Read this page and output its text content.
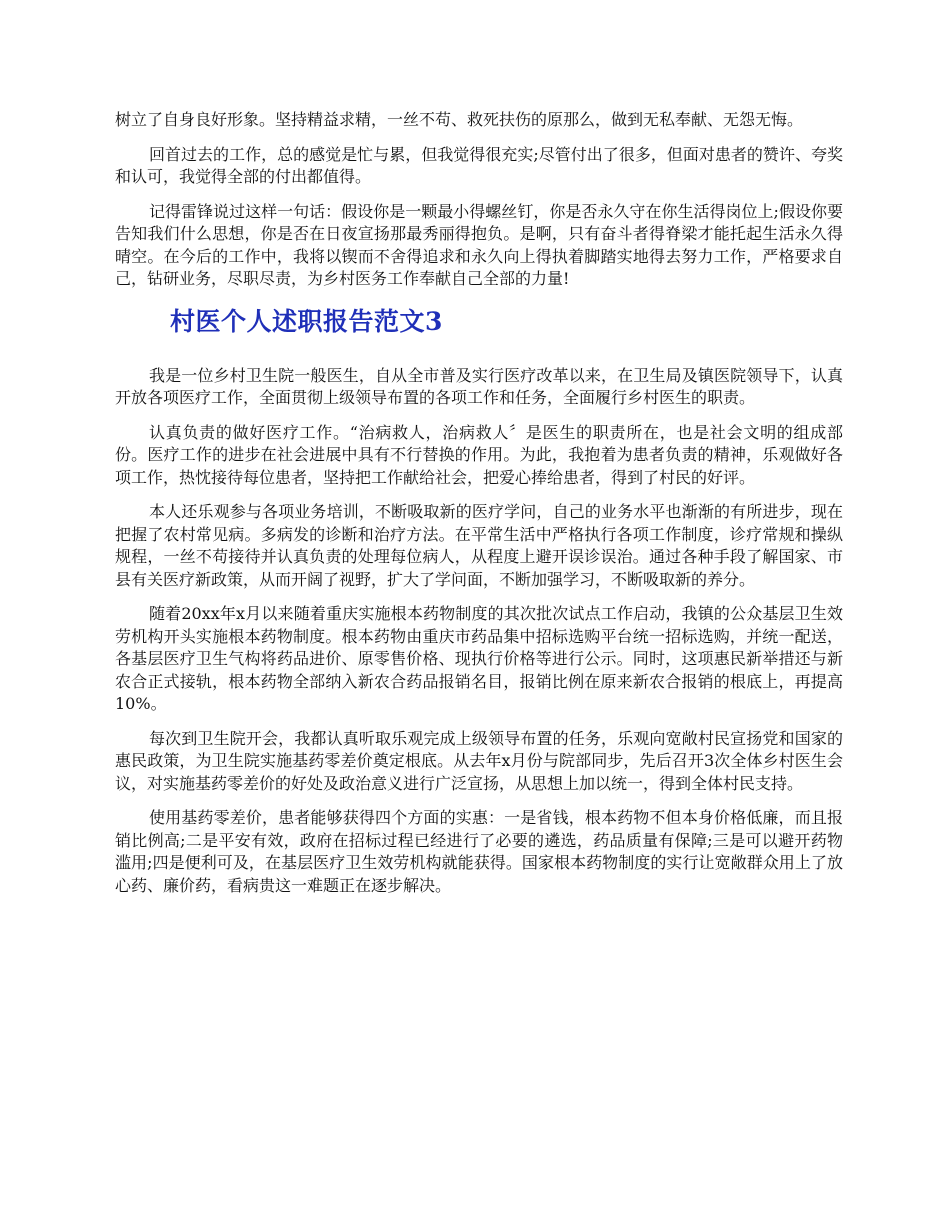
树立了自身良好形象。坚持精益求精，一丝不苟、救死扶伤的原那么，做到无私奉献、无怨无悔。

回首过去的工作，总的感觉是忙与累，但我觉得很充实;尽管付出了很多，但面对患者的赞许、夸奖和认可，我觉得全部的付出都值得。

记得雷锋说过这样一句话：假设你是一颗最小得螺丝钉，你是否永久守在你生活得岗位上;假设你要告知我们什么思想，你是否在日夜宣扬那最秀丽得抱负。是啊，只有奋斗者得脊梁才能托起生活永久得晴空。在今后的工作中，我将以锲而不舍得追求和永久向上得执着脚踏实地得去努力工作，严格要求自己，钻研业务，尽职尽责，为乡村医务工作奉献自己全部的力量!

村医个人述职报告范文3

我是一位乡村卫生院一般医生，自从全市普及实行医疗改革以来，在卫生局及镇医院领导下，认真开放各项医疗工作，全面贯彻上级领导布置的各项工作和任务，全面履行乡村医生的职责。

认真负责的做好医疗工作。“治病救人，治病救人〞是医生的职责所在，也是社会文明的组成部份。医疗工作的进步在社会进展中具有不行替换的作用。为此，我抱着为患者负责的精神，乐观做好各项工作，热忱接待每位患者，坚持把工作献给社会，把爱心捧给患者，得到了村民的好评。

本人还乐观参与各项业务培训，不断吸取新的医疗学问，自己的业务水平也渐渐的有所进步，现在把握了农村常见病。多病发的诊断和治疗方法。在平常生活中严格执行各项工作制度，诊疗常规和操纵规程，一丝不苟接待并认真负责的处理每位病人，从程度上避开误诊误治。通过各种手段了解国家、市县有关医疗新政策，从而开阔了视野，扩大了学问面，不断加强学习，不断吸取新的养分。

随着20xx年x月以来随着重庆实施根本药物制度的其次批次试点工作启动，我镇的公众基层卫生效劳机构开头实施根本药物制度。根本药物由重庆市药品集中招标选购平台统一招标选购，并统一配送，各基层医疗卫生气构将药品进价、原零售价格、现执行价格等进行公示。同时，这项惠民新举措还与新农合正式接轨，根本药物全部纳入新农合药品报销名目，报销比例在原来新农合报销的根底上，再提高10%。

每次到卫生院开会，我都认真听取乐观完成上级领导布置的任务，乐观向宽敞村民宣扬党和国家的惠民政策，为卫生院实施基药零差价奠定根底。从去年x月份与院部同步，先后召开3次全体乡村医生会议，对实施基药零差价的好处及政治意义进行广泛宣扬，从思想上加以统一，得到全体村民支持。

使用基药零差价，患者能够获得四个方面的实惠：一是省钱，根本药物不但本身价格低廉，而且报销比例高;二是平安有效，政府在招标过程已经进行了必要的遴选，药品质量有保障;三是可以避开药物滥用;四是便利可及，在基层医疗卫生效劳机构就能获得。国家根本药物制度的实行让宽敞群众用上了放心药、廉价药，看病贵这一难题正在逐步解决。
